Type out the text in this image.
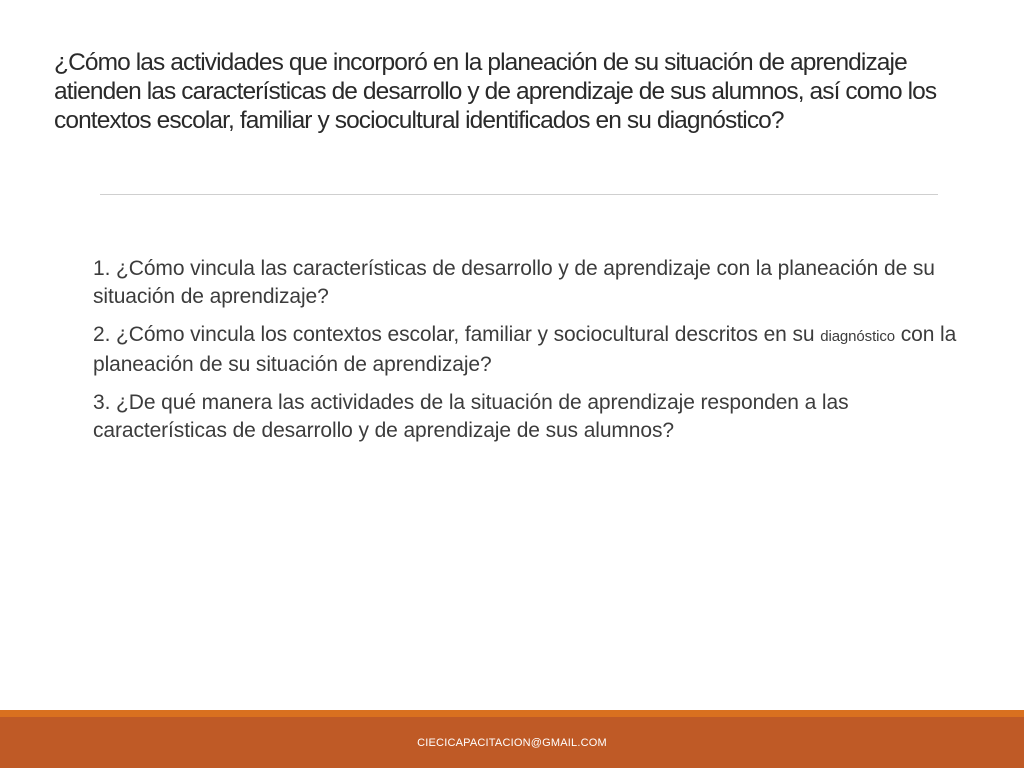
¿Cómo las actividades que incorporó en la planeación de su situación de aprendizaje atienden las características de desarrollo y de aprendizaje de sus alumnos, así como los contextos escolar, familiar y sociocultural identificados en su diagnóstico?
1. ¿Cómo vincula las características de desarrollo y de aprendizaje con la planeación de su situación de aprendizaje?
2. ¿Cómo vincula los contextos escolar, familiar y sociocultural descritos en su diagnóstico con la planeación de su situación de aprendizaje?
3. ¿De qué manera las actividades de la situación de aprendizaje responden a las características de desarrollo y de aprendizaje de sus alumnos?
CIECICAPACITACION@GMAIL.COM
